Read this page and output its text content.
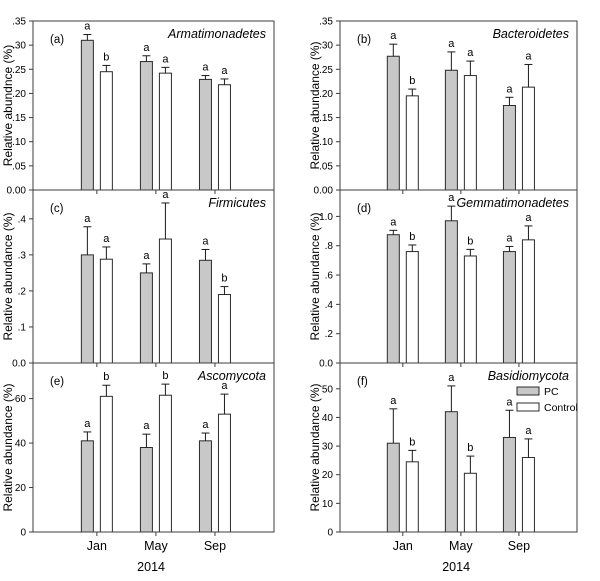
a
b
a
a
a a
0.00
.05
.10
.15
.20
.25
.30
.35
(a)	Armatimonadetes
Relative abundnce (%)
a
b
a
a
a
a
0.00
.05
.10
.15
.20
.25
.30
.35
(b)	Bacteroidetes
Relative abundance (%)
a
a
a
a
a
b
0.0
.1
.2
.3
.4
(c)	Firmicutes
Relative abundance (%)	a
b
a
b	a
a
0.0
.2
.4
.6
.8
1.0
(d)	Gemmatimonadetes
Relative abundance (%)
a
b
Jan
a
b
May
a
a
Sep
0
20
40
60
(e)	Ascomycota
Relative abundance (%)
2014
a
b
Jan
a
b
May
a
a
Sep
0
10
20
30
40
50
(f)	Basidiomycota
Relative abundance (%)	PC
Control
2014
